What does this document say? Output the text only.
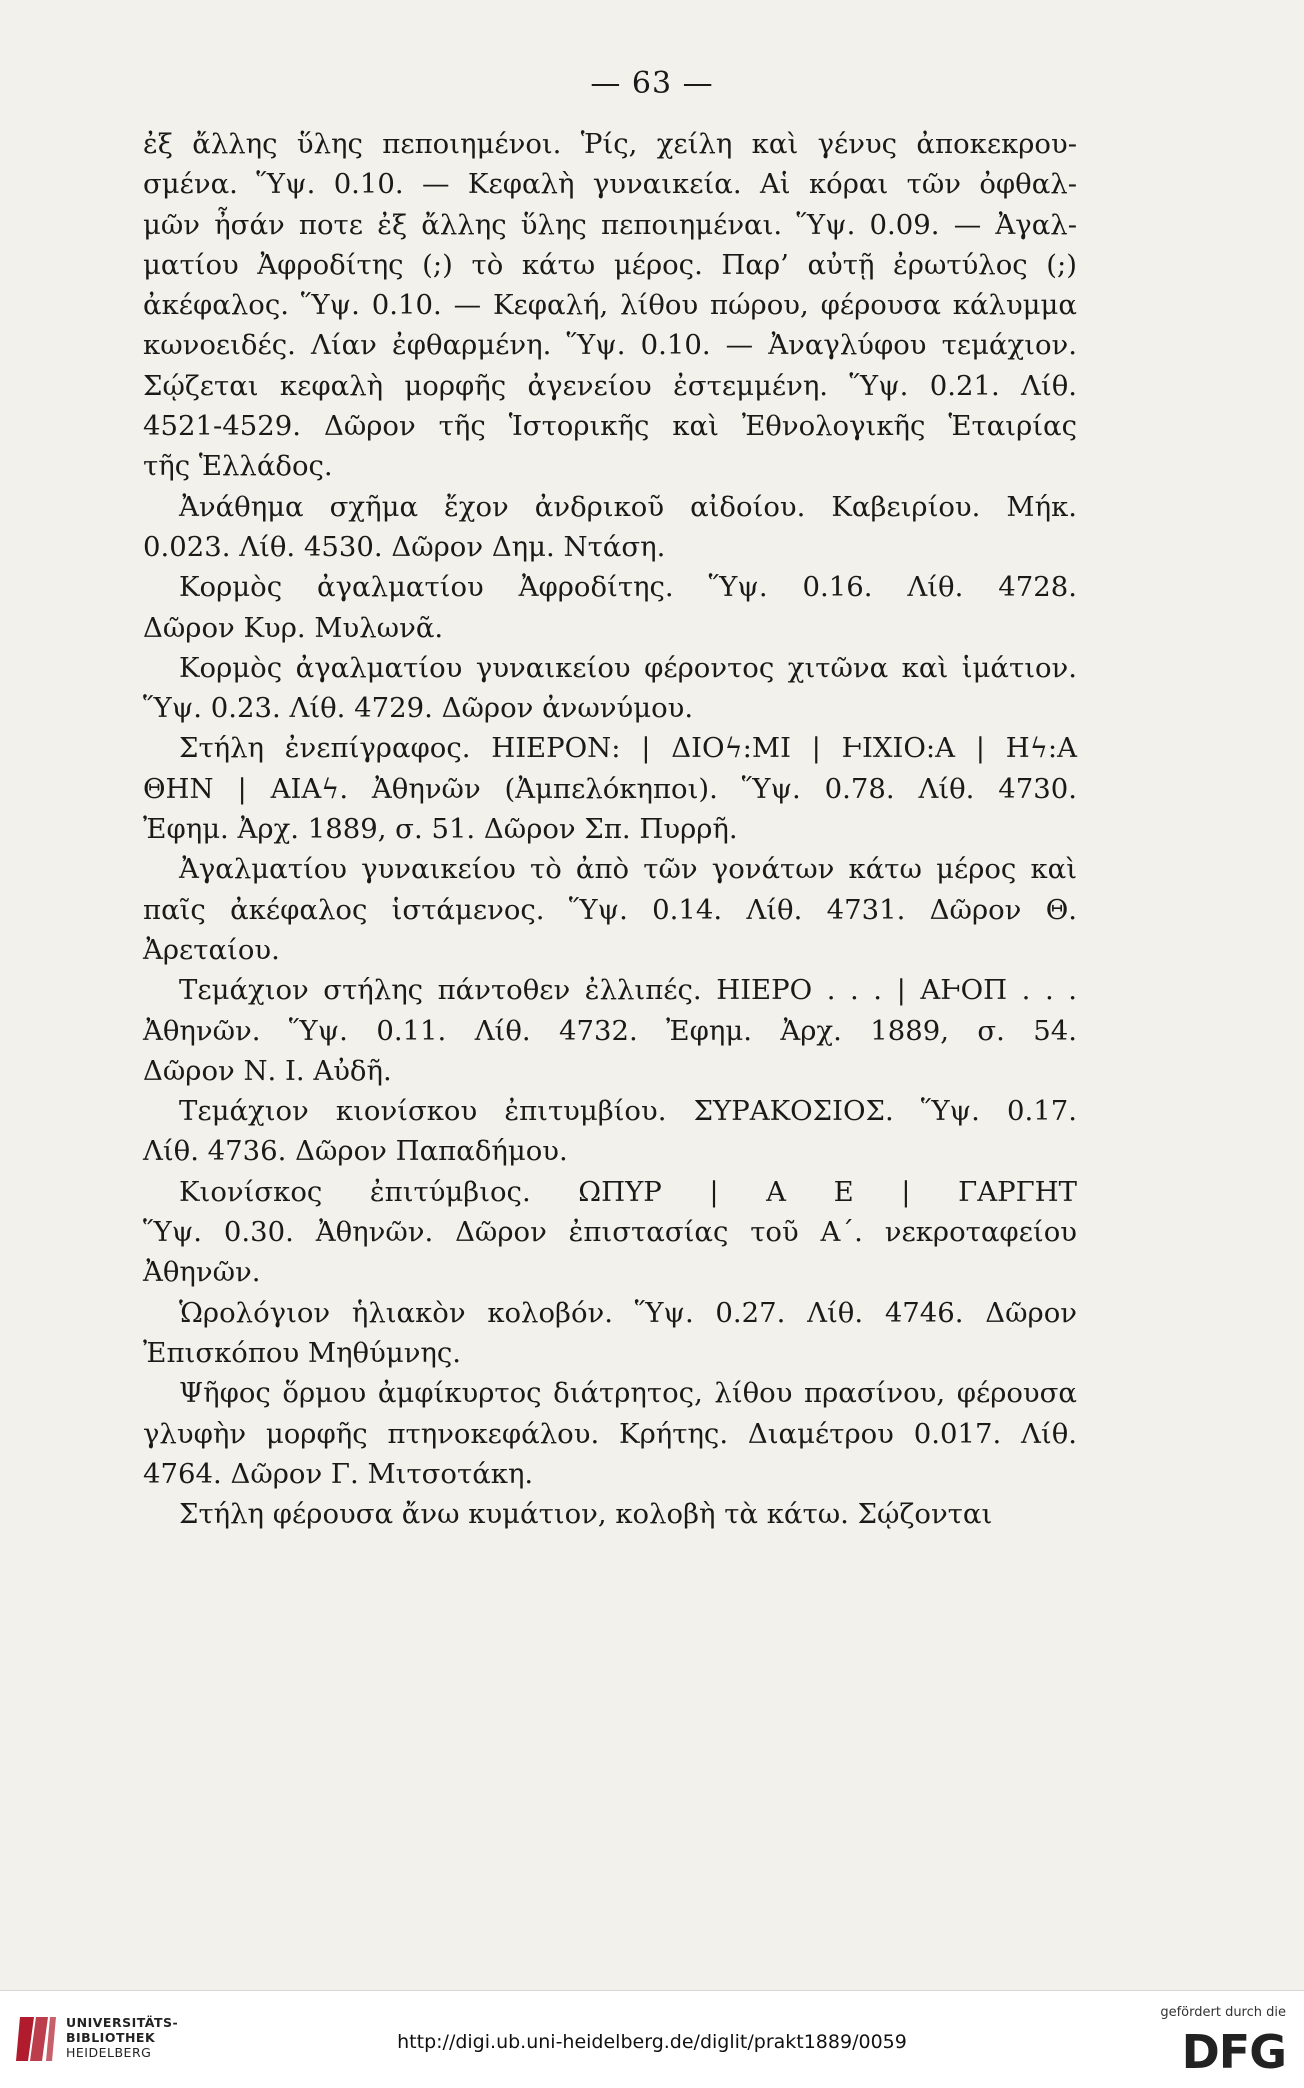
— 63 —
ἐξ ἄλλης ὕλης πεποιημένοι. Ῥίς, χείλη καὶ γένυς ἀποκεκρου-
σμένα. Ὕψ. 0.10. — Κεφαλὴ γυναικεία. Αἱ κόραι τῶν ὀφθαλ-
μῶν ἦσάν ποτε ἐξ ἄλλης ὕλης πεποιημέναι. Ὕψ. 0.09. — Ἀγαλ-
ματίου Ἀφροδίτης (;) τὸ κάτω μέρος. Παρ’ αὐτῇ ἐρωτύλος (;)
ἀκέφαλος. Ὕψ. 0.10. — Κεφαλή, λίθου πώρου, φέρουσα κάλυμμα
κωνοειδές. Λίαν ἐφθαρμένη. Ὕψ. 0.10. — Ἀναγλύφου τεμάχιον.
Σῴζεται κεφαλὴ μορφῆς ἀγενείου ἐστεμμένη. Ὕψ. 0.21. Λίθ.
4521-4529. Δῶρον τῆς Ἱστορικῆς καὶ Ἐθνολογικῆς Ἑταιρίας
τῆς Ἑλλάδος.
Ἀνάθημα σχῆμα ἔχον ἀνδρικοῦ αἰδοίου. Καβειρίου. Μήκ.
0.023. Λίθ. 4530. Δῶρον Δημ. Ντάση.
Κορμὸς ἀγαλματίου Ἀφροδίτης. Ὕψ. 0.16. Λίθ. 4728.
Δῶρον Κυρ. Μυλωνᾶ.
Κορμὸς ἀγαλματίου γυναικείου φέροντος χιτῶνα καὶ ἱμάτιον.
Ὕψ. 0.23. Λίθ. 4729. Δῶρον ἀνωνύμου.
Στήλη ἐνεπίγραφος. ΗΙΕΡΟΝ: | ΔΙΟϟ:ΜΙ | ⱵΙΧΙΟ:Α | Ηϟ:Α
ΘΗΝ | ΑΙΑϟ. Ἀθηνῶν (Ἀμπελόκηποι). Ὕψ. 0.78. Λίθ. 4730.
Ἐφημ. Ἀρχ. 1889, σ. 51. Δῶρον Σπ. Πυρρῆ.
Ἀγαλματίου γυναικείου τὸ ἀπὸ τῶν γονάτων κάτω μέρος καὶ
παῖς ἀκέφαλος ἱστάμενος. Ὕψ. 0.14. Λίθ. 4731. Δῶρον Θ.
Ἀρεταίου.
Τεμάχιον στήλης πάντοθεν ἐλλιπές. ΗΙΕΡΟ . . . | ΑⱵΟΠ . . .
Ἀθηνῶν. Ὕψ. 0.11. Λίθ. 4732. Ἐφημ. Ἀρχ. 1889, σ. 54.
Δῶρον Ν. Ι. Αὐδῆ.
Τεμάχιον κιονίσκου ἐπιτυμβίου. ΣΥΡΑΚΟΣΙΟΣ. Ὕψ. 0.17.
Λίθ. 4736. Δῶρον Παπαδήμου.
Κιονίσκος ἐπιτύμβιος. ΩΠΥΡ | Α Ε | ΓΑΡΓΗΤ
Ὕψ. 0.30. Ἀθηνῶν. Δῶρον ἐπιστασίας τοῦ Α΄. νεκροταφείου
Ἀθηνῶν.
Ὡρολόγιον ἡλιακὸν κολοβόν. Ὕψ. 0.27. Λίθ. 4746. Δῶρον
Ἐπισκόπου Μηθύμνης.
Ψῆφος ὅρμου ἀμφίκυρτος διάτρητος, λίθου πρασίνου, φέρουσα
γλυφὴν μορφῆς πτηνοκεφάλου. Κρήτης. Διαμέτρου 0.017. Λίθ.
4764. Δῶρον Γ. Μιτσοτάκη.
Στήλη φέρουσα ἄνω κυμάτιον, κολοβὴ τὰ κάτω. Σῴζονται
UNIVERSITÄTS-
BIBLIOTHEK
HEIDELBERG	http://digi.ub.uni-heidelberg.de/diglit/prakt1889/0059
gefördert durch die
DFG
